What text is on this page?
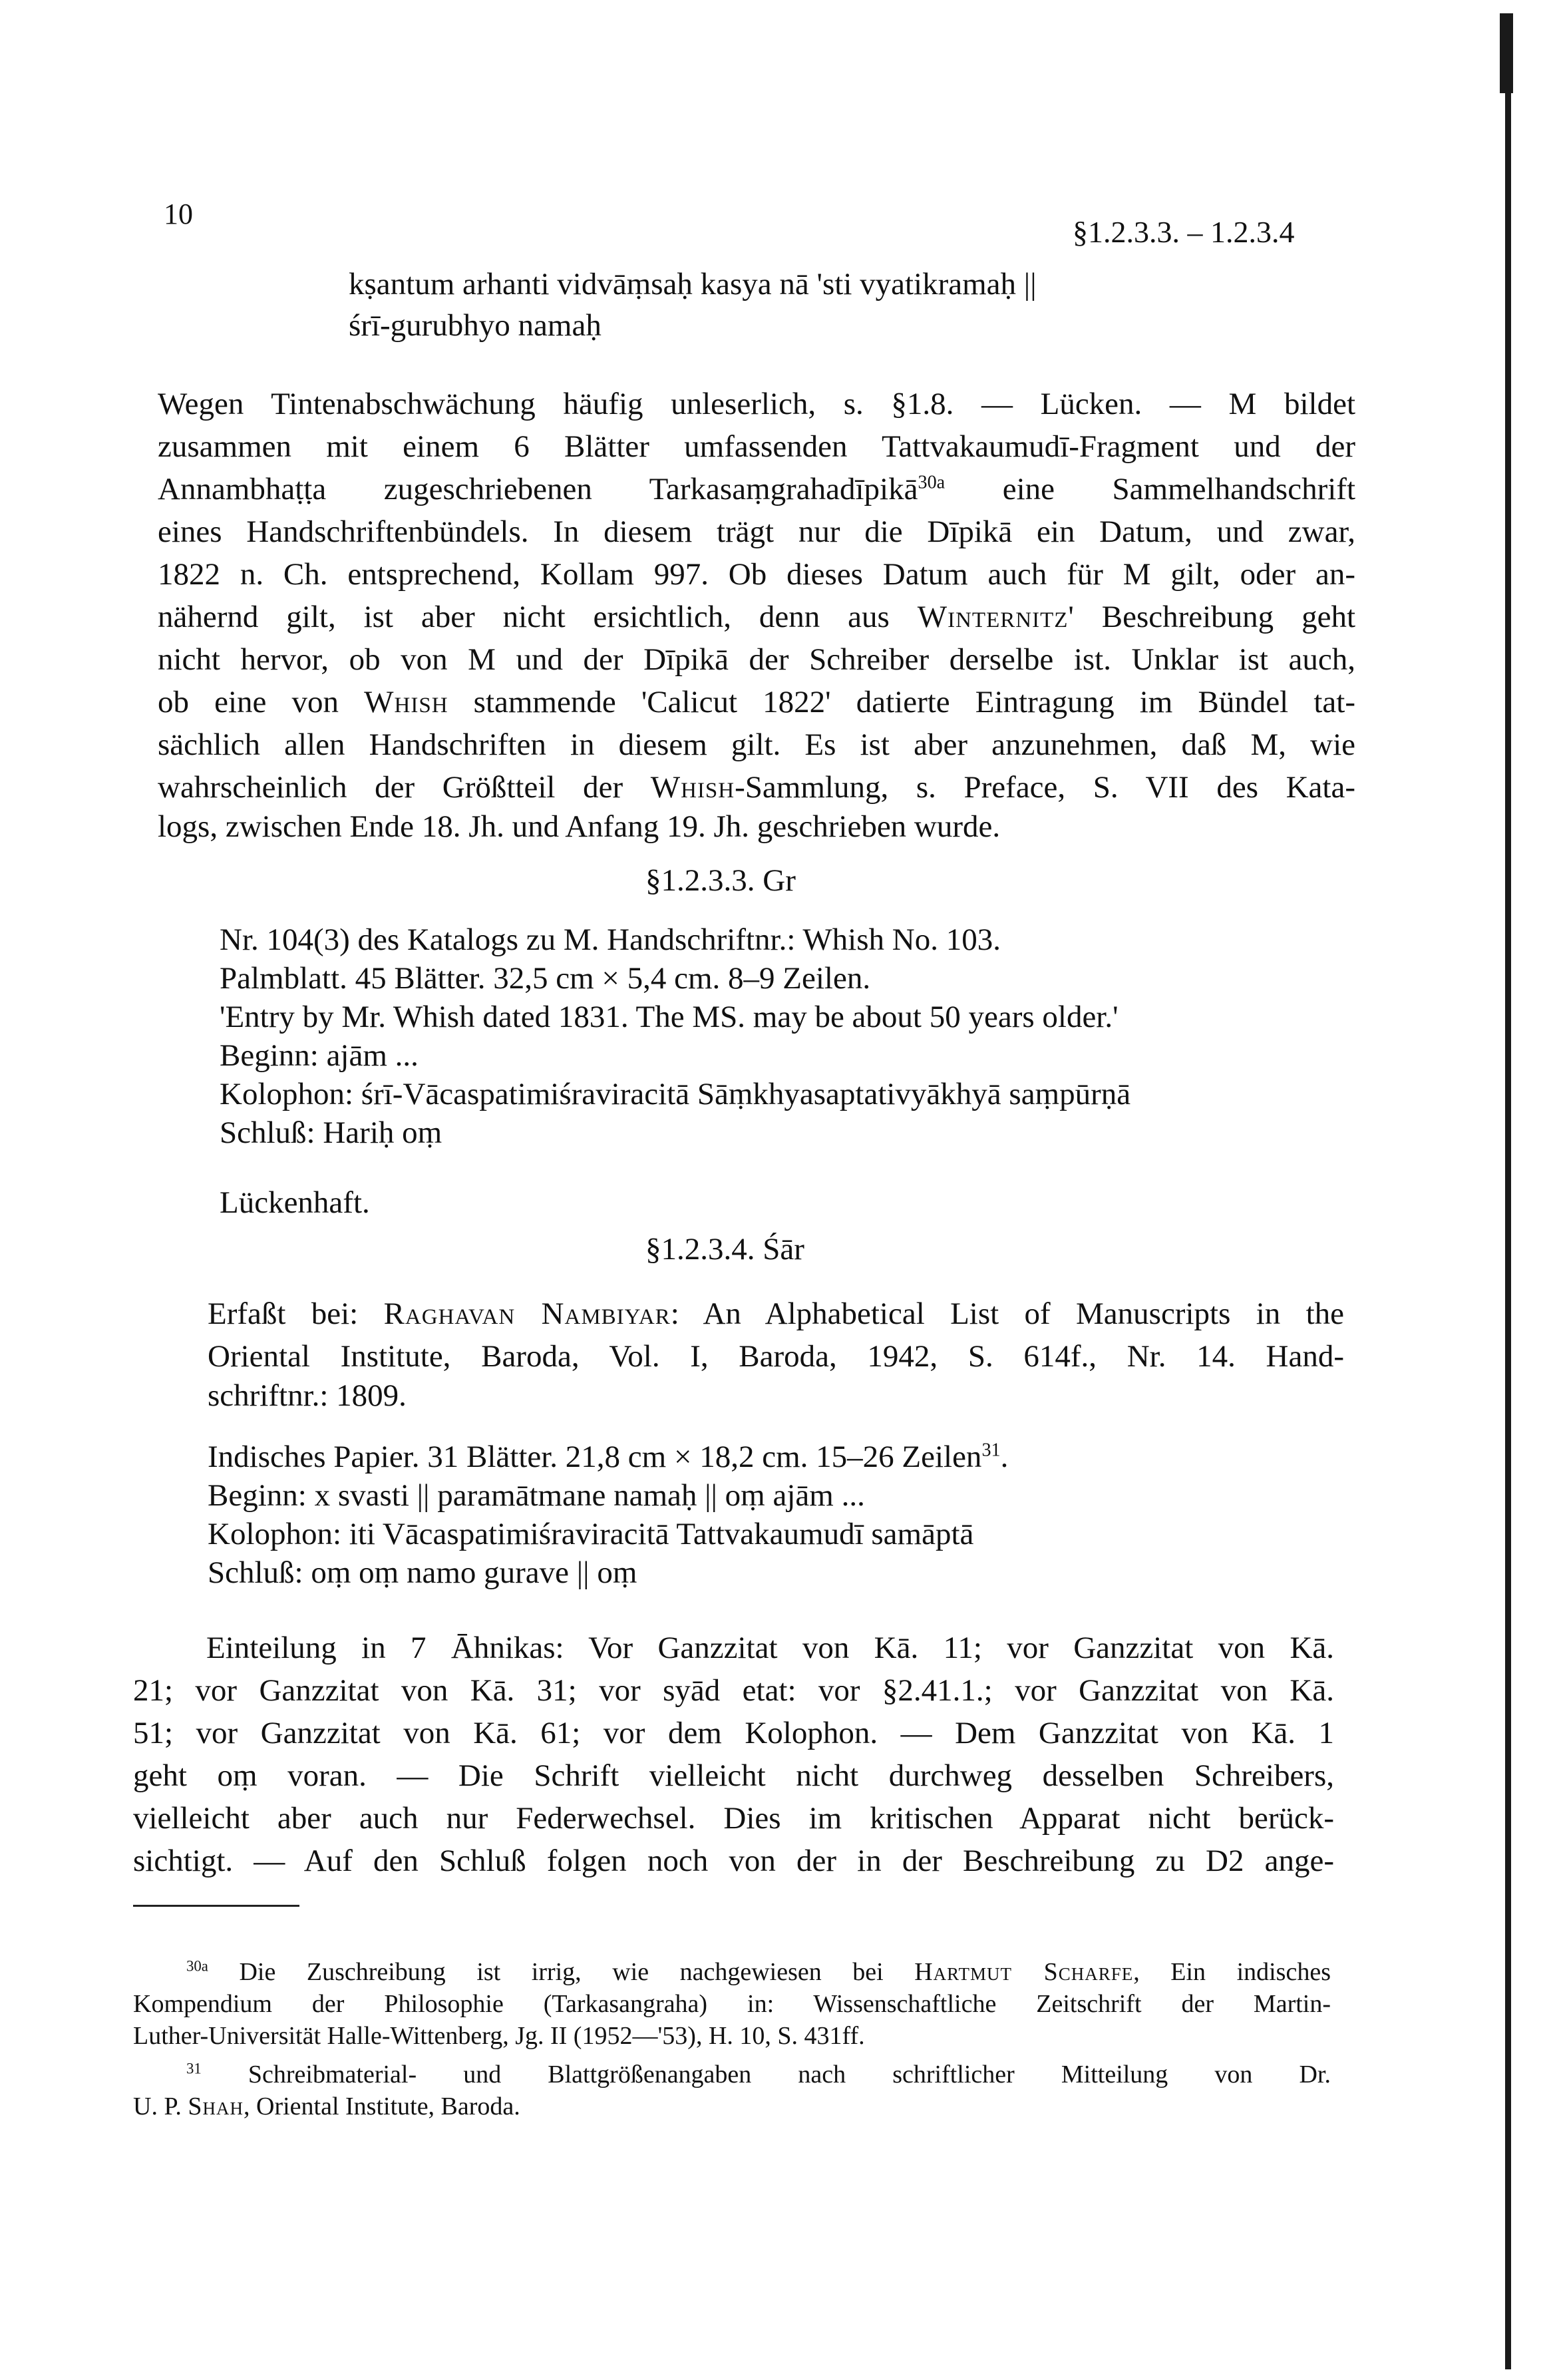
10
§1.2.3.3. – 1.2.3.4
kṣantum arhanti vidvāṃsaḥ kasya nā 'sti vyatikramaḥ ||
śrī-gurubhyo namaḥ
Wegen Tintenabschwächung häufig unleserlich, s. §1.8. — Lücken. — M bildet
zusammen mit einem 6 Blätter umfassenden Tattvakaumudī-Fragment und der
Annambhaṭṭa zugeschriebenen Tarkasaṃgrahadīpikā$^{30a}$ eine Sammelhandschrift
eines Handschriftenbündels. In diesem trägt nur die Dīpikā ein Datum, und zwar,
1822 n. Ch. entsprechend, Kollam 997. Ob dieses Datum auch für M gilt, oder an-
nähernd gilt, ist aber nicht ersichtlich, denn aus Winternitz' Beschreibung geht
nicht hervor, ob von M und der Dīpikā der Schreiber derselbe ist. Unklar ist auch,
ob eine von Whish stammende 'Calicut 1822' datierte Eintragung im Bündel tat-
sächlich allen Handschriften in diesem gilt. Es ist aber anzunehmen, daß M, wie
wahrscheinlich der Größtteil der Whish-Sammlung, s. Preface, S. VII des Kata-
logs, zwischen Ende 18. Jh. und Anfang 19. Jh. geschrieben wurde.
§1.2.3.3. Gr
Nr. 104(3) des Katalogs zu M. Handschriftnr.: Whish No. 103.
Palmblatt. 45 Blätter. 32,5 cm × 5,4 cm. 8–9 Zeilen.
'Entry by Mr. Whish dated 1831. The MS. may be about 50 years older.'
Beginn: ajām ...
Kolophon: śrī-Vācaspatimiśraviracitā Sāṃkhyasaptativyākhyā saṃpūrṇā
Schluß: Hariḥ oṃ
Lückenhaft.
§1.2.3.4. Śār
Erfaßt bei: Raghavan Nambiyar: An Alphabetical List of Manuscripts in the
Oriental Institute, Baroda, Vol. I, Baroda, 1942, S. 614f., Nr. 14. Hand-
schriftnr.: 1809.
Indisches Papier. 31 Blätter. 21,8 cm × 18,2 cm. 15–26 Zeilen$^{31}$.
Beginn: x svasti || paramātmane namaḥ || oṃ ajām ...
Kolophon: iti Vācaspatimiśraviracitā Tattvakaumudī samāptā
Schluß: oṃ oṃ namo gurave || oṃ
Einteilung in 7 Āhnikas: Vor Ganzzitat von Kā. 11; vor Ganzzitat von Kā.
21; vor Ganzzitat von Kā. 31; vor syād etat: vor §2.41.1.; vor Ganzzitat von Kā.
51; vor Ganzzitat von Kā. 61; vor dem Kolophon. — Dem Ganzzitat von Kā. 1
geht oṃ voran. — Die Schrift vielleicht nicht durchweg desselben Schreibers,
vielleicht aber auch nur Federwechsel. Dies im kritischen Apparat nicht berück-
sichtigt. — Auf den Schluß folgen noch von der in der Beschreibung zu D2 ange-
$^{30a}$ Die Zuschreibung ist irrig, wie nachgewiesen bei Hartmut Scharfe, Ein indisches
Kompendium der Philosophie (Tarkasangraha) in: Wissenschaftliche Zeitschrift der Martin-
Luther-Universität Halle-Wittenberg, Jg. II (1952—'53), H. 10, S. 431ff.
$^{31}$ Schreibmaterial- und Blattgrößenangaben nach schriftlicher Mitteilung von Dr.
U. P. Shah, Oriental Institute, Baroda.
